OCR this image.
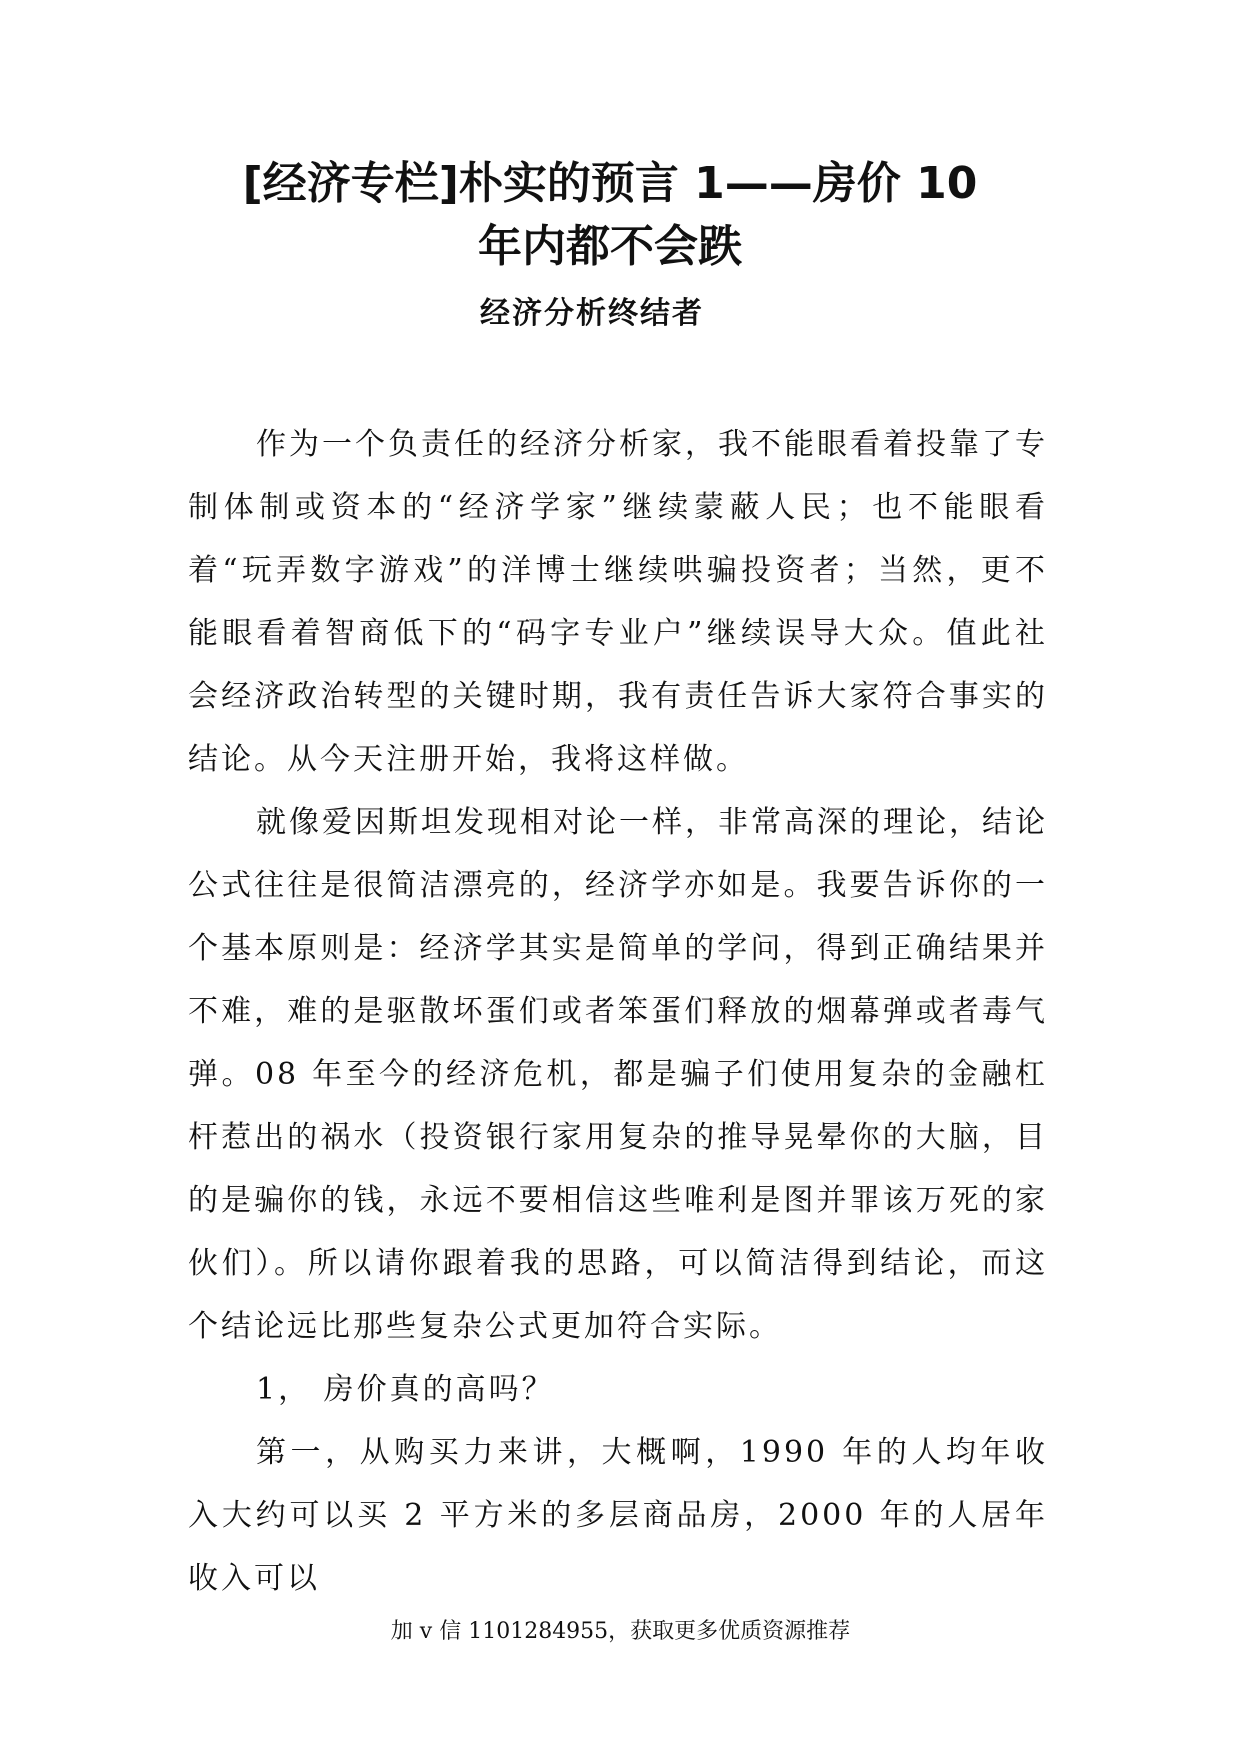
[经济专栏]朴实的预言 1——房价 10
年内都不会跌

经济分析终结者

作为一个负责任的经济分析家，我不能眼看着投靠了专制体制或资本的“经济学家”继续蒙蔽人民；也不能眼看着“玩弄数字游戏”的洋博士继续哄骗投资者；当然，更不能眼看着智商低下的“码字专业户”继续误导大众。值此社会经济政治转型的关键时期，我有责任告诉大家符合事实的结论。从今天注册开始，我将这样做。

就像爱因斯坦发现相对论一样，非常高深的理论，结论公式往往是很简洁漂亮的，经济学亦如是。我要告诉你的一个基本原则是：经济学其实是简单的学问，得到正确结果并不难，难的是驱散坏蛋们或者笨蛋们释放的烟幕弹或者毒气弹。08 年至今的经济危机，都是骗子们使用复杂的金融杠杆惹出的祸水（投资银行家用复杂的推导晃晕你的大脑，目的是骗你的钱，永远不要相信这些唯利是图并罪该万死的家伙们）。所以请你跟着我的思路，可以简洁得到结论，而这个结论远比那些复杂公式更加符合实际。

1， 房价真的高吗？

第一，从购买力来讲，大概啊，1990 年的人均年收入大约可以买 2 平方米的多层商品房，2000 年的人居年收入可以

加 v 信 1101284955，获取更多优质资源推荐
